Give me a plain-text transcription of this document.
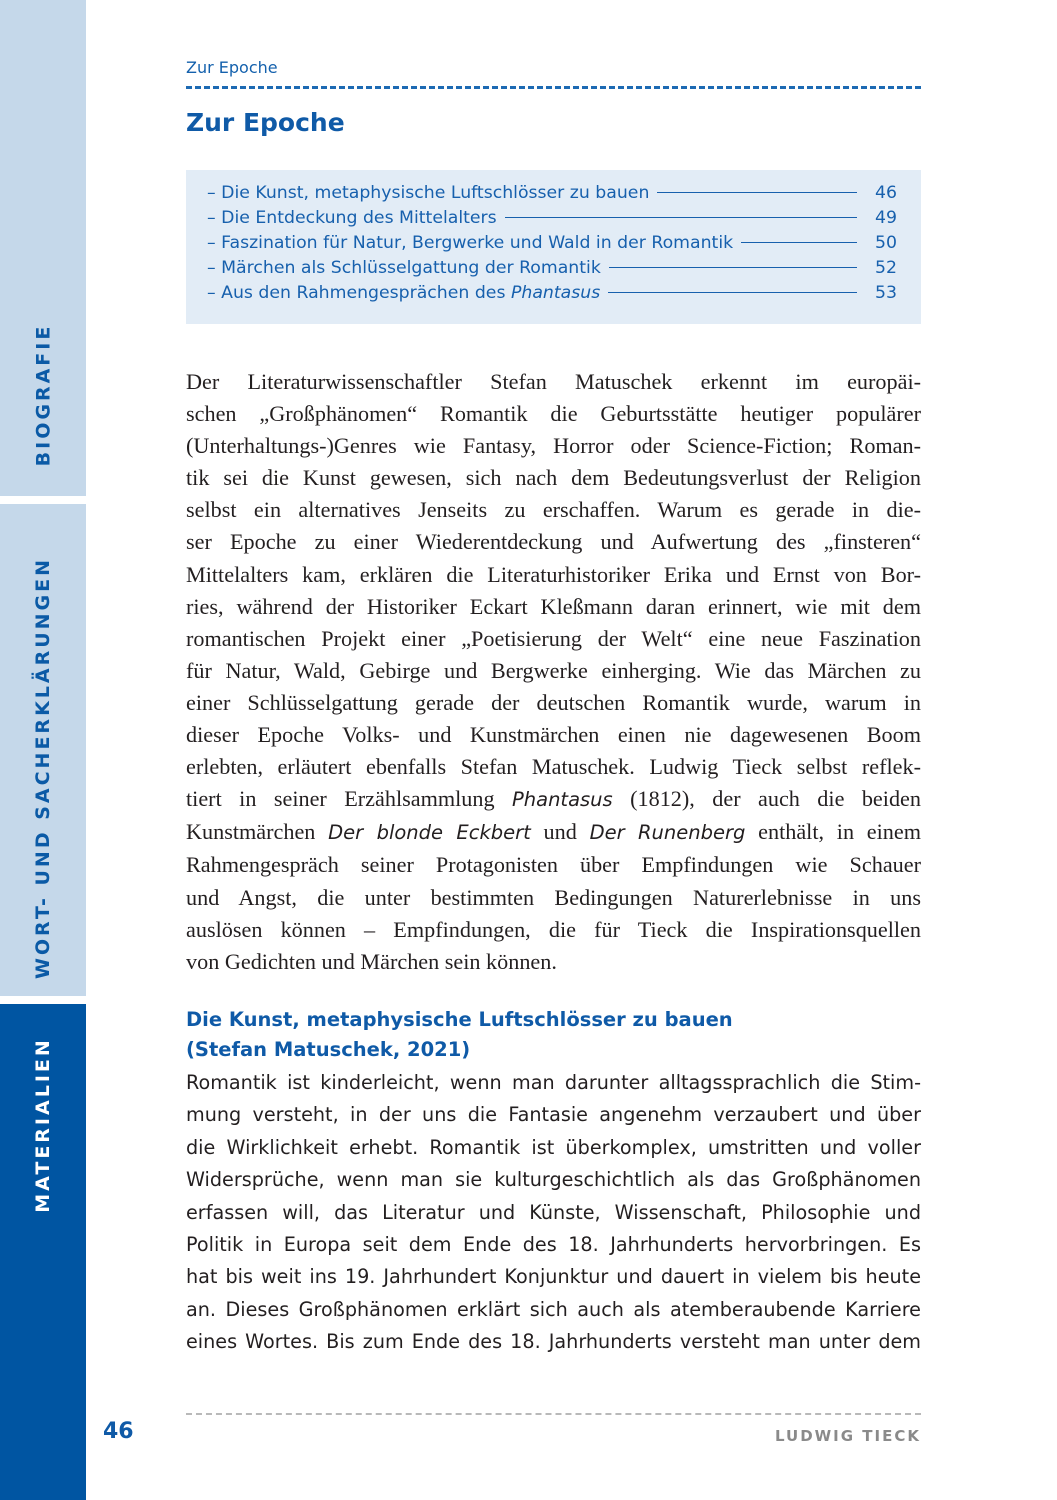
BIOGRAFIE
WORT- UND SACHERKLÄRUNGEN
MATERIALIEN
Zur Epoche
Zur Epoche
– Die Kunst, metaphysische Luftschlösser zu bauen	46
– Die Entdeckung des Mittelalters	49
– Faszination für Natur, Bergwerke und Wald in der Romantik	50
– Märchen als Schlüsselgattung der Romantik	52
– Aus den Rahmengesprächen des Phantasus	53

Der Literaturwissenschaftler Stefan Matuschek erkennt im europäi-
schen „Großphänomen“ Romantik die Geburtsstätte heutiger populärer
(Unterhaltungs-)Genres wie Fantasy, Horror oder Science-Fiction; Roman-
tik sei die Kunst gewesen, sich nach dem Bedeutungsverlust der Religion
selbst ein alternatives Jenseits zu erschaffen. Warum es gerade in die-
ser Epoche zu einer Wiederentdeckung und Aufwertung des „finsteren“
Mittelalters kam, erklären die Literaturhistoriker Erika und Ernst von Bor-
ries, während der Historiker Eckart Kleßmann daran erinnert, wie mit dem
romantischen Projekt einer „Poetisierung der Welt“ eine neue Faszination
für Natur, Wald, Gebirge und Bergwerke einherging. Wie das Märchen zu
einer Schlüsselgattung gerade der deutschen Romantik wurde, warum in
dieser Epoche Volks- und Kunstmärchen einen nie dagewesenen Boom
erlebten, erläutert ebenfalls Stefan Matuschek. Ludwig Tieck selbst reflek-
tiert in seiner Erzählsammlung Phantasus (1812), der auch die beiden
Kunstmärchen Der blonde Eckbert und Der Runenberg enthält, in einem
Rahmengespräch seiner Protagonisten über Empfindungen wie Schauer
und Angst, die unter bestimmten Bedingungen Naturerlebnisse in uns
auslösen können – Empfindungen, die für Tieck die Inspirationsquellen
von Gedichten und Märchen sein können.

Die Kunst, metaphysische Luftschlösser zu bauen
(Stefan Matuschek, 2021)

Romantik ist kinderleicht, wenn man darunter alltagssprachlich die Stim-
mung versteht, in der uns die Fantasie angenehm verzaubert und über
die Wirklichkeit erhebt. Romantik ist überkomplex, umstritten und voller
Widersprüche, wenn man sie kulturgeschichtlich als das Großphänomen
erfassen will, das Literatur und Künste, Wissenschaft, Philosophie und
Politik in Europa seit dem Ende des 18. Jahrhunderts hervorbringen. Es
hat bis weit ins 19. Jahrhundert Konjunktur und dauert in vielem bis heute
an. Dieses Großphänomen erklärt sich auch als atemberaubende Karriere
eines Wortes. Bis zum Ende des 18. Jahrhunderts versteht man unter dem

46	LUDWIG TIECK
